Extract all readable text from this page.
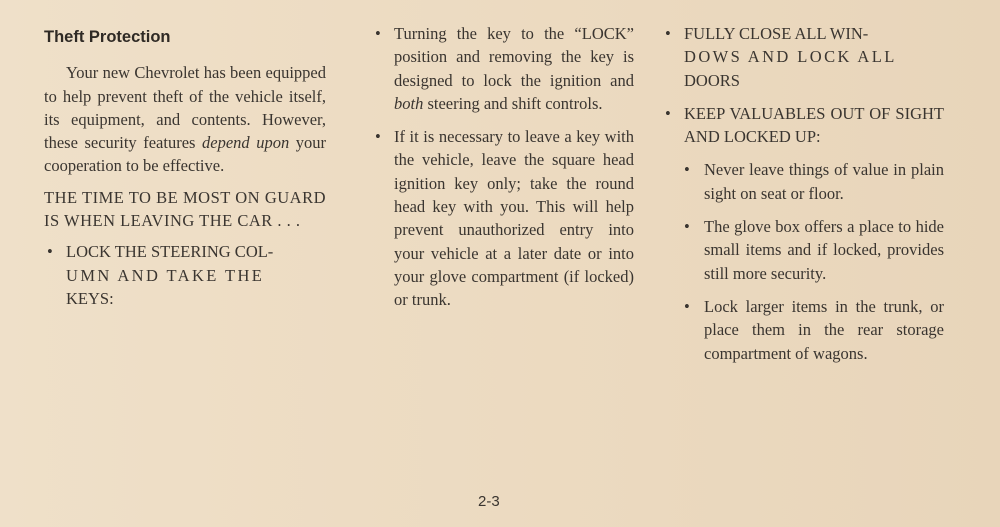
Theft Protection

Your new Chevrolet has been equipped to help prevent theft of the vehicle itself, its equipment, and contents. However, these security features depend upon your cooperation to be effective.

THE TIME TO BE MOST ON GUARD IS WHEN LEAVING THE CAR . . .

• LOCK THE STEERING COL-
UMN AND TAKE THE
KEYS:
• Turning the key to the “LOCK” position and removing the key is designed to lock the ignition and both steering and shift controls.
• If it is necessary to leave a key with the vehicle, leave the square head ignition key only; take the round head key with you. This will help prevent unauthorized entry into your vehicle at a later date or into your glove compartment (if locked) or trunk.
• FULLY CLOSE ALL WIN-
DOWS AND LOCK ALL
DOORS
• KEEP VALUABLES OUT OF SIGHT AND LOCKED UP:
• Never leave things of value in plain sight on seat or floor.
• The glove box offers a place to hide small items and if locked, provides still more security.
• Lock larger items in the trunk, or place them in the rear storage compartment of wagons.
2-3
